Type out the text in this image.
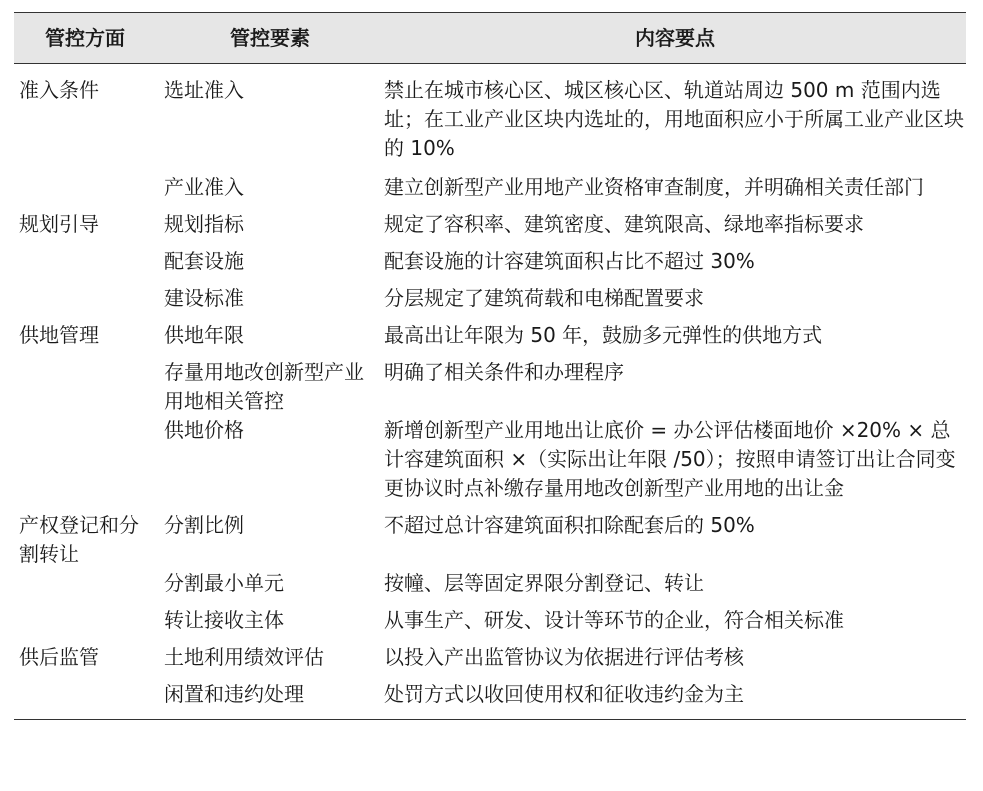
管控方面	管控要素	内容要点
准入条件	选址准入	禁止在城市核心区、城区核心区、轨道站周边 500 m 范围内选址；在工业产业区块内选址的，用地面积应小于所属工业产业区块的 10%
	产业准入	建立创新型产业用地产业资格审查制度，并明确相关责任部门
规划引导	规划指标	规定了容积率、建筑密度、建筑限高、绿地率指标要求
	配套设施	配套设施的计容建筑面积占比不超过 30%
	建设标准	分层规定了建筑荷载和电梯配置要求
供地管理	供地年限	最高出让年限为 50 年，鼓励多元弹性的供地方式
	存量用地改创新型产业用地相关管控	明确了相关条件和办理程序
	供地价格	新增创新型产业用地出让底价 = 办公评估楼面地价 ×20% × 总计容建筑面积 ×（实际出让年限 /50）；按照申请签订出让合同变更协议时点补缴存量用地改创新型产业用地的出让金
产权登记和分割转让	分割比例	不超过总计容建筑面积扣除配套后的 50%
	分割最小单元	按幢、层等固定界限分割登记、转让
	转让接收主体	从事生产、研发、设计等环节的企业，符合相关标准
供后监管	土地利用绩效评估	以投入产出监管协议为依据进行评估考核
	闲置和违约处理	处罚方式以收回使用权和征收违约金为主
